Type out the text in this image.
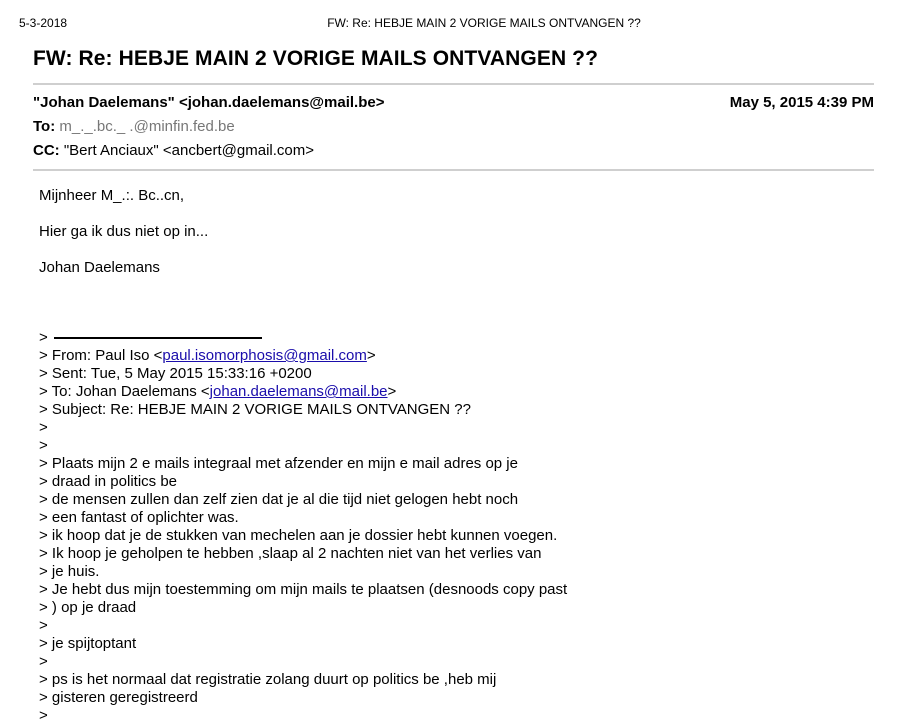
5-3-2018	FW: Re: HEBJE MAIN 2 VORIGE MAILS ONTVANGEN ??
FW: Re: HEBJE MAIN 2 VORIGE MAILS ONTVANGEN ??
"Johan Daelemans" <johan.daelemans@mail.be>	May 5, 2015 4:39 PM
To: m_._.bc._ .@minfin.fed.be
CC: "Bert Anciaux" <ancbert@gmail.com>

Mijnheer M_.:. Bc..cn,

Hier ga ik dus niet op in...

Johan Daelemans

>
> From: Paul Iso <paul.isomorphosis@gmail.com>
> Sent: Tue, 5 May 2015 15:33:16 +0200
> To: Johan Daelemans <johan.daelemans@mail.be>
> Subject: Re: HEBJE MAIN 2 VORIGE MAILS ONTVANGEN ??
>
>
> Plaats mijn 2 e mails integraal met afzender en mijn e mail adres op je
> draad in politics be
> de mensen zullen dan zelf zien dat je al die tijd niet gelogen hebt noch
> een fantast of oplichter was.
> ik hoop dat je de stukken van mechelen aan je dossier hebt kunnen voegen.
> Ik hoop je geholpen te hebben ,slaap al 2 nachten niet van het verlies van
> je huis.
> Je hebt dus mijn toestemming om mijn mails te plaatsen (desnoods copy past
> ) op je draad
>
> je spijtoptant
>
> ps is het normaal dat registratie zolang duurt op politics be ,heb mij
> gisteren geregistreerd
>
